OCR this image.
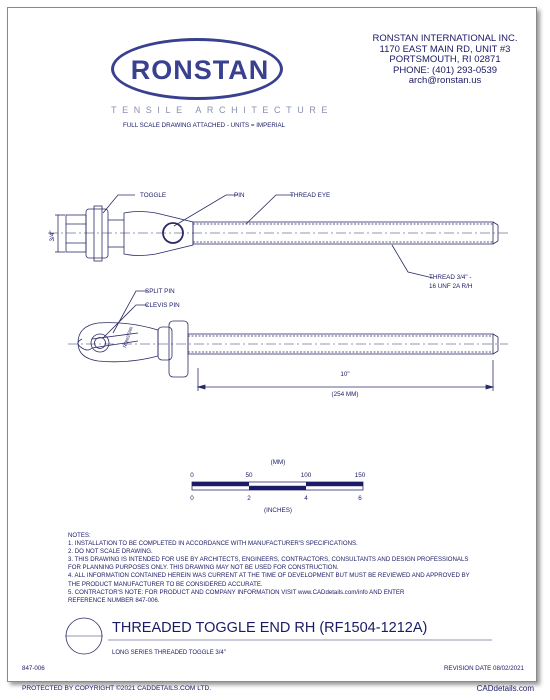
RONSTAN
TENSILE ARCHITECTURE
FULL SCALE DRAWING ATTACHED - UNITS = IMPERIAL
RONSTAN INTERNATIONAL INC.
1170 EAST MAIN RD, UNIT #3
PORTSMOUTH, RI 02871
PHONE: (401) 293-0539
arch@ronstan.us
TOGGLE	PIN	THREAD EYE
THREAD 3/4" -
16 UNF 2A R/H
SPLIT PIN
CLEVIS PIN
3/4"
10"
(254 MM)
RONSTAN
(MM)
0	50	100	150
0	2	4	6
(INCHES)
NOTES:
1. INSTALLATION TO BE COMPLETED IN ACCORDANCE WITH MANUFACTURER'S SPECIFICATIONS.
2. DO NOT SCALE DRAWING.
3. THIS DRAWING IS INTENDED FOR USE BY ARCHITECTS, ENGINEERS, CONTRACTORS, CONSULTANTS AND DESIGN PROFESSIONALS
FOR PLANNING PURPOSES ONLY. THIS DRAWING MAY NOT BE USED FOR CONSTRUCTION.
4. ALL INFORMATION CONTAINED HEREIN WAS CURRENT AT THE TIME OF DEVELOPMENT BUT MUST BE REVIEWED AND APPROVED BY
THE PRODUCT MANUFACTURER TO BE CONSIDERED ACCURATE.
5. CONTRACTOR'S NOTE: FOR PRODUCT AND COMPANY INFORMATION VISIT www.CADdetails.com/info AND ENTER
REFERENCE NUMBER 847-006.
THREADED TOGGLE END RH (RF1504-1212A)
LONG SERIES THREADED TOGGLE 3/4"
847-006	REVISION DATE 08/02/2021
PROTECTED BY COPYRIGHT ©2021 CADDETAILS.COM LTD.	CADdetails.com
